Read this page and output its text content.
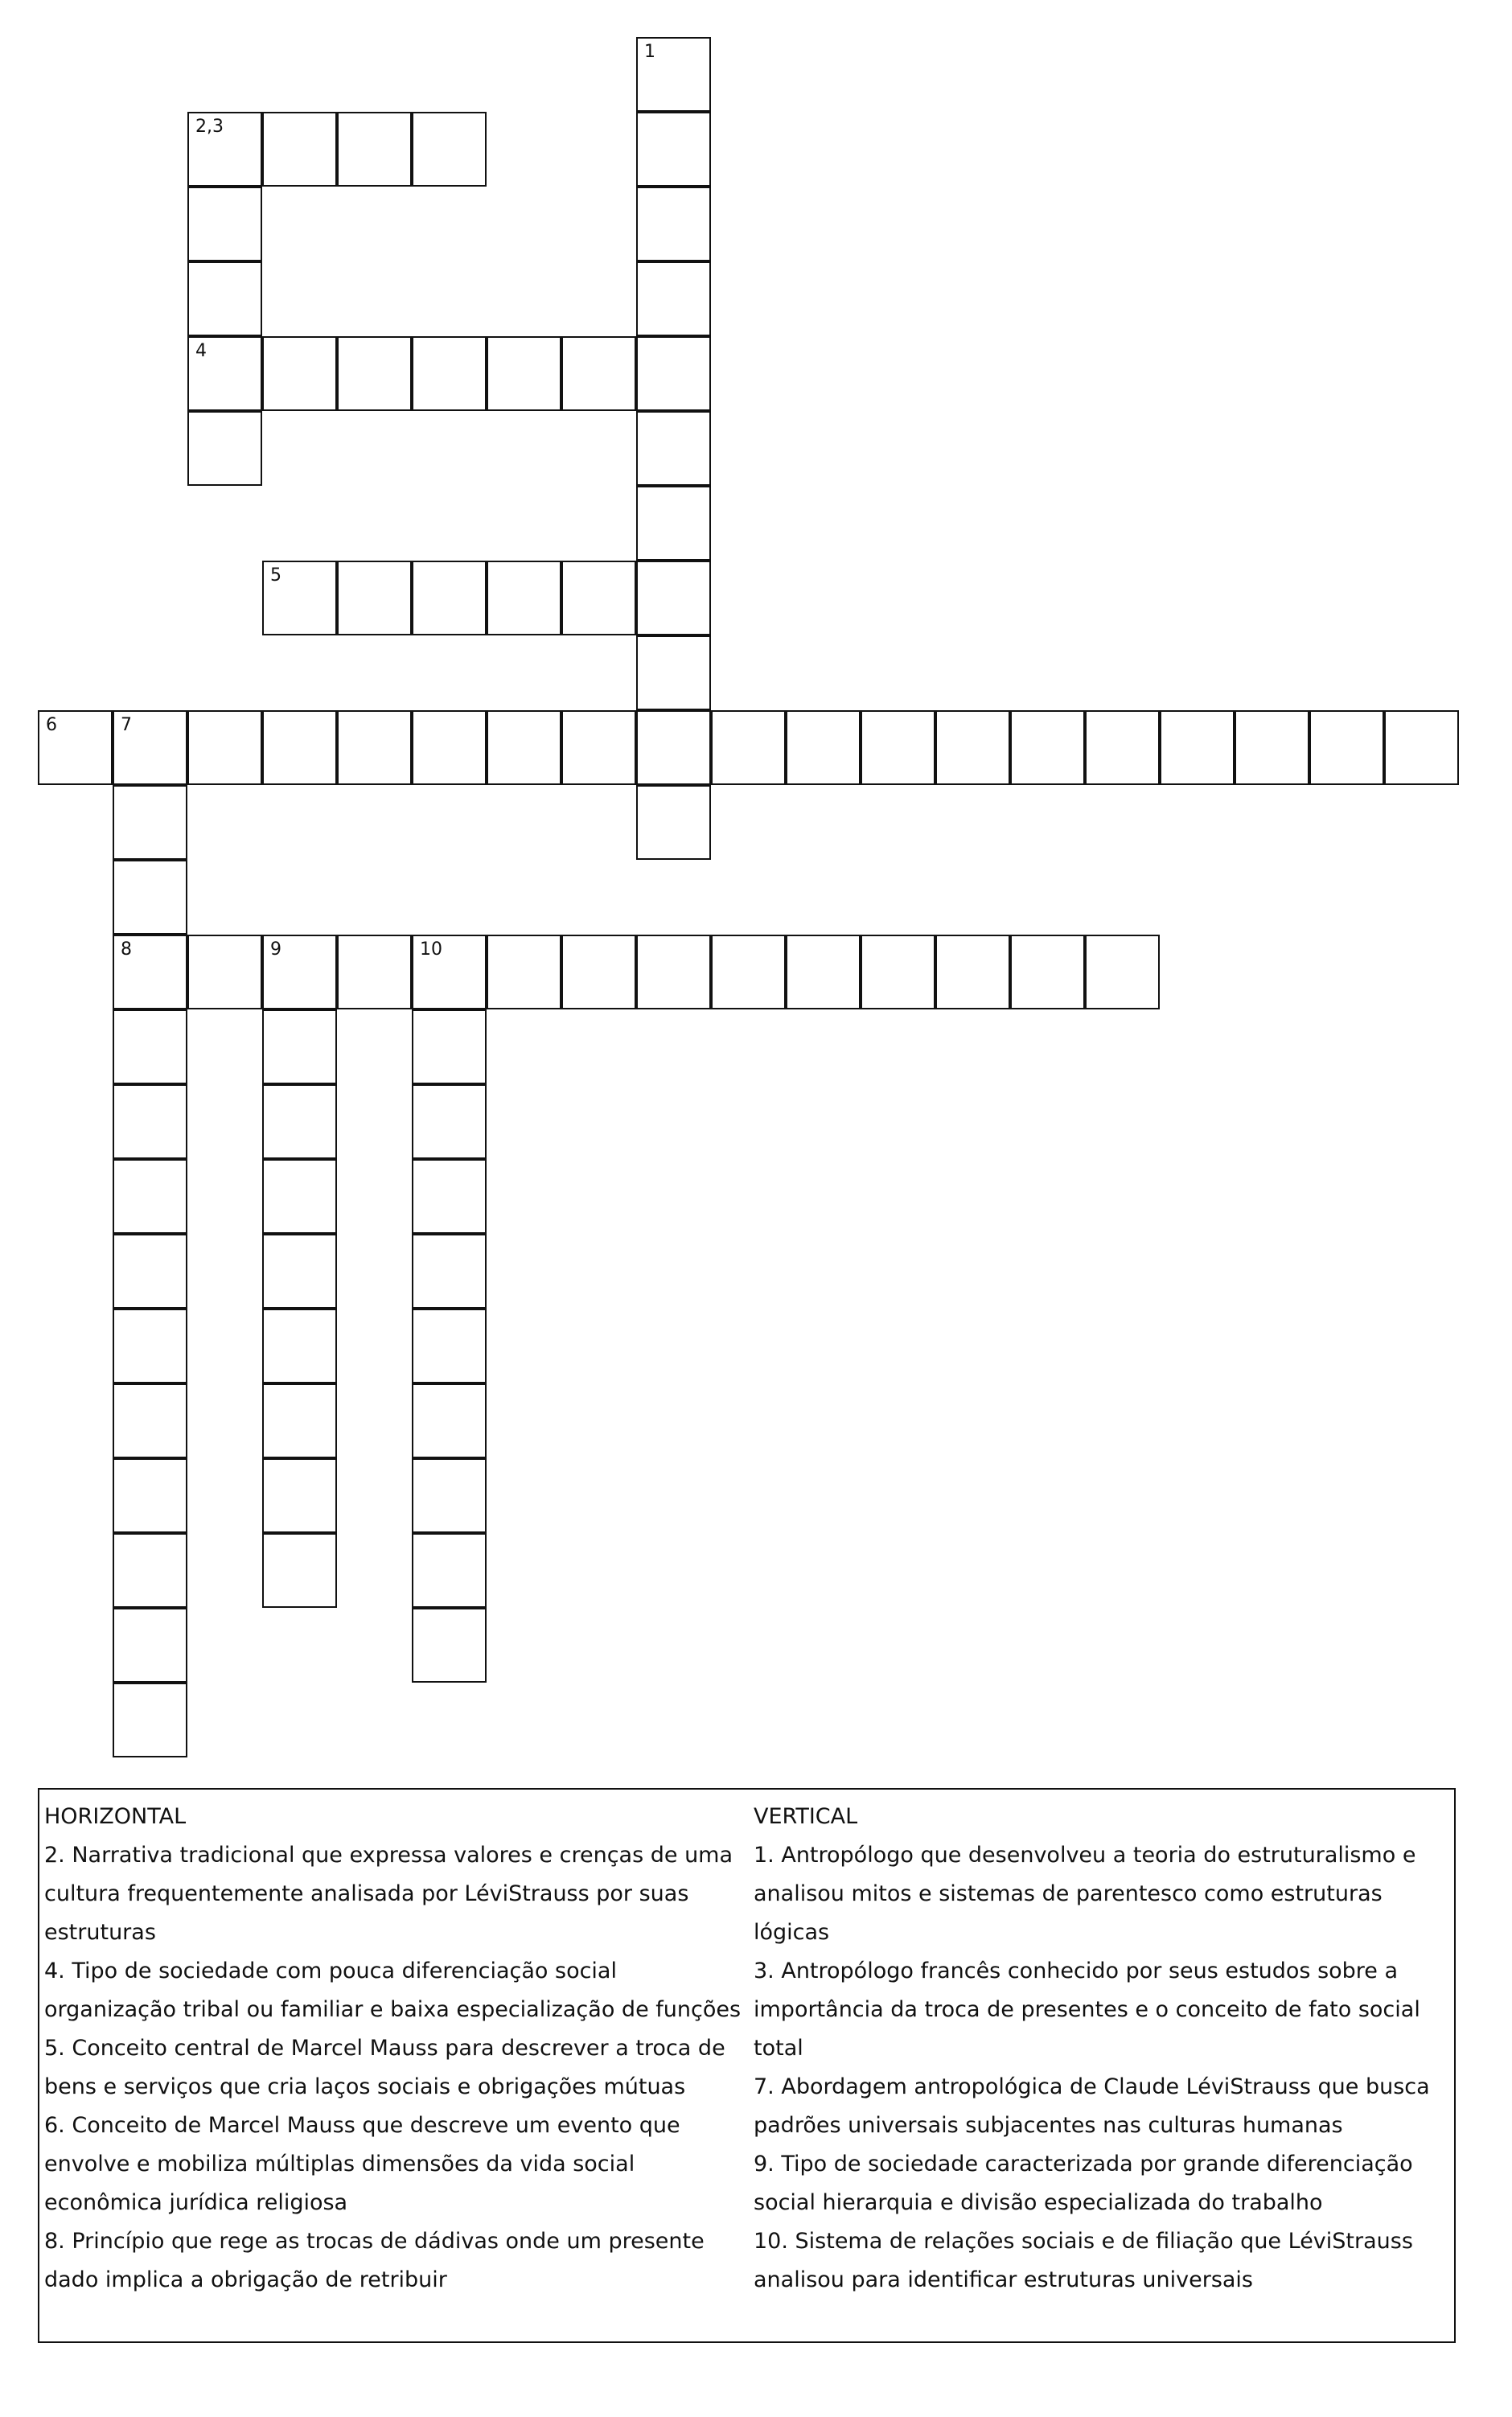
1
2,3
4
5
6	7
8	9	10

HORIZONTAL

2. Narrativa tradicional que expressa valores e crenças de uma cultura frequentemente analisada por LéviStrauss por suas estruturas

4. Tipo de sociedade com pouca diferenciação social organização tribal ou familiar e baixa especialização de funções

5. Conceito central de Marcel Mauss para descrever a troca de bens e serviços que cria laços sociais e obrigações mútuas

6. Conceito de Marcel Mauss que descreve um evento que envolve e mobiliza múltiplas dimensões da vida social econômica jurídica religiosa

8. Princípio que rege as trocas de dádivas onde um presente dado implica a obrigação de retribuir

VERTICAL

1. Antropólogo que desenvolveu a teoria do estruturalismo e analisou mitos e sistemas de parentesco como estruturas lógicas

3. Antropólogo francês conhecido por seus estudos sobre a importância da troca de presentes e o conceito de fato social total

7. Abordagem antropológica de Claude LéviStrauss que busca padrões universais subjacentes nas culturas humanas

9. Tipo de sociedade caracterizada por grande diferenciação social hierarquia e divisão especializada do trabalho

10. Sistema de relações sociais e de filiação que LéviStrauss analisou para identificar estruturas universais
